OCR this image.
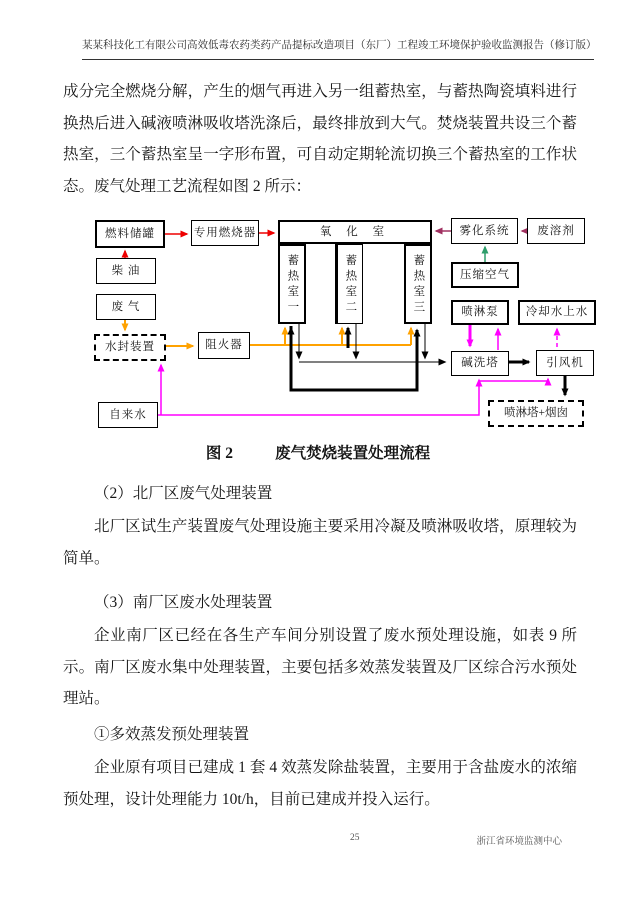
某某科技化工有限公司高效低毒农药类药产品提标改造项目（东厂）工程竣工环境保护验收监测报告（修订版）
成分完全燃烧分解，产生的烟气再进入另一组蓄热室，与蓄热陶瓷填料进行换热后进入碱液喷淋吸收塔洗涤后，最终排放到大气。焚烧装置共设三个蓄热室，三个蓄热室呈一字形布置，可自动定期轮流切换三个蓄热室的工作状态。废气处理工艺流程如图 2 所示：
燃料储罐	专用燃烧器	氧 化 室
蓄热室一	蓄热室二	蓄热室三
雾化系统	废溶剂
压缩空气
柴 油
废 气	喷淋泵	冷却水上水
水封装置	阻火器
碱洗塔	引风机
喷淋塔+烟囱
自来水
图 2	废气焚烧装置处理流程
（2）北厂区废气处理装置
北厂区试生产装置废气处理设施主要采用冷凝及喷淋吸收塔，原理较为简单。
（3）南厂区废水处理装置
企业南厂区已经在各生产车间分别设置了废水预处理设施，如表 9 所示。南厂区废水集中处理装置，主要包括多效蒸发装置及厂区综合污水预处理站。
①多效蒸发预处理装置
企业原有项目已建成 1 套 4 效蒸发除盐装置，主要用于含盐废水的浓缩预处理，设计处理能力 10t/h，目前已建成并投入运行。
25	浙江省环境监测中心
